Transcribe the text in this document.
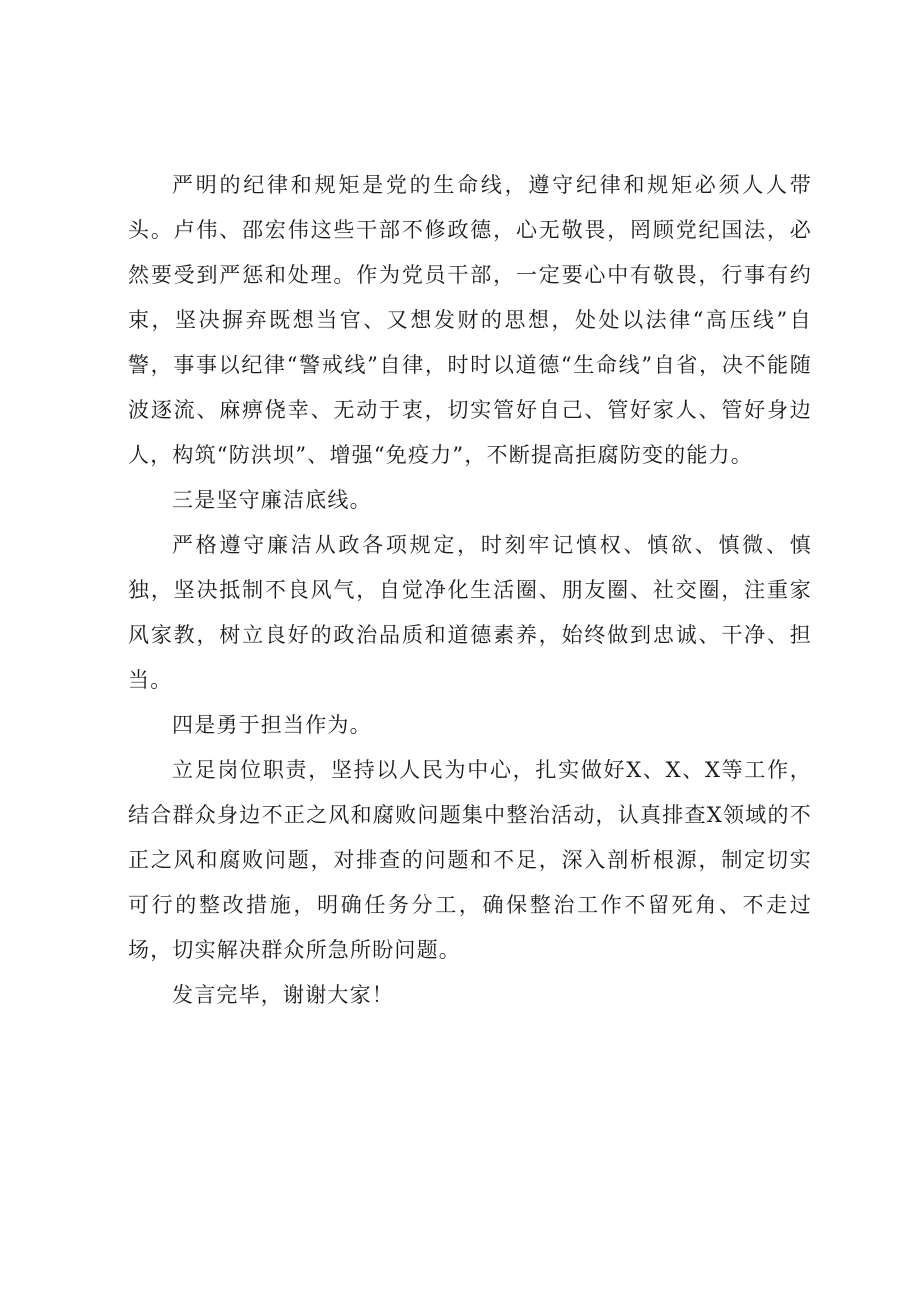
严明的纪律和规矩是党的生命线，遵守纪律和规矩必须人人带头。卢伟、邵宏伟这些干部不修政德，心无敬畏，罔顾党纪国法，必然要受到严惩和处理。作为党员干部，一定要心中有敬畏，行事有约束，坚决摒弃既想当官、又想发财的思想，处处以法律“高压线”自警，事事以纪律“警戒线”自律，时时以道德“生命线”自省，决不能随波逐流、麻痹侥幸、无动于衷，切实管好自己、管好家人、管好身边人，构筑“防洪坝”、增强“免疫力”，不断提高拒腐防变的能力。

三是坚守廉洁底线。

严格遵守廉洁从政各项规定，时刻牢记慎权、慎欲、慎微、慎独，坚决抵制不良风气，自觉净化生活圈、朋友圈、社交圈，注重家风家教，树立良好的政治品质和道德素养，始终做到忠诚、干净、担当。

四是勇于担当作为。

立足岗位职责，坚持以人民为中心，扎实做好X、X、X等工作，结合群众身边不正之风和腐败问题集中整治活动，认真排查X领域的不正之风和腐败问题，对排查的问题和不足，深入剖析根源，制定切实可行的整改措施，明确任务分工，确保整治工作不留死角、不走过场，切实解决群众所急所盼问题。

发言完毕，谢谢大家！
